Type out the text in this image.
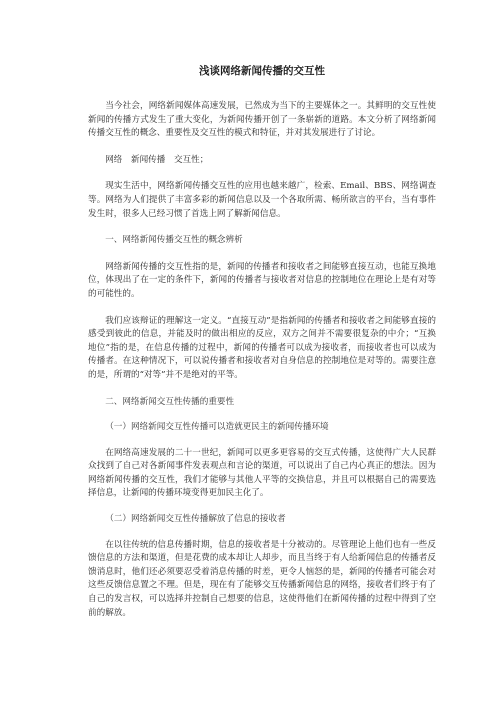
浅谈网络新闻传播的交互性

当今社会，网络新闻媒体高速发展，已然成为当下的主要媒体之一。其鲜明的交互性使新闻的传播方式发生了重大变化，为新闻传播开创了一条崭新的道路。本文分析了网络新闻传播交互性的概念、重要性及交互性的模式和特征，并对其发展进行了讨论。

网络　新闻传播　交互性；

现实生活中，网络新闻传播交互性的应用也越来越广，检索、Email、BBS、网络调查等。网络为人们提供了丰富多彩的新闻信息以及一个各取所需、畅所欲言的平台，当有事件发生时，很多人已经习惯了首选上网了解新闻信息。

一、网络新闻传播交互性的概念辨析

网络新闻传播的交互性指的是，新闻的传播者和接收者之间能够直接互动，也能互换地位，体现出了在一定的条件下，新闻的传播者与接收者对信息的控制地位在理论上是有对等的可能性的。

我们应该辩证的理解这一定义。“直接互动”是指新闻的传播者和接收者之间能够直接的感受到彼此的信息，并能及时的做出相应的反应，双方之间并不需要很复杂的中介；“互换地位”指的是，在信息传播的过程中，新闻的传播者可以成为接收者，而接收者也可以成为传播者。在这种情况下，可以说传播者和接收者对自身信息的控制地位是对等的。需要注意的是，所谓的“对等”并不是绝对的平等。

二、网络新闻交互性传播的重要性

（一）网络新闻交互性传播可以造就更民主的新闻传播环境

在网络高速发展的二十一世纪，新闻可以更多更容易的交互式传播，这使得广大人民群众找到了自己对各新闻事件发表观点和言论的渠道，可以说出了自己内心真正的想法。因为网络新闻传播的交互性，我们才能够与其他人平等的交换信息，并且可以根据自己的需要选择信息，让新闻的传播环境变得更加民主化了。

（二）网络新闻交互性传播解放了信息的接收者

在以往传统的信息传播时期，信息的接收者是十分被动的。尽管理论上他们也有一些反馈信息的方法和渠道，但是花费的成本却让人却步，而且当终于有人给新闻信息的传播者反馈消息时，他们还必须要忍受着消息传播的时差，更令人恼怒的是，新闻的传播者可能会对这些反馈信息置之不理。但是，现在有了能够交互传播新闻信息的网络，接收者们终于有了自己的发言权，可以选择并控制自己想要的信息，这使得他们在新闻传播的过程中得到了空前的解放。
